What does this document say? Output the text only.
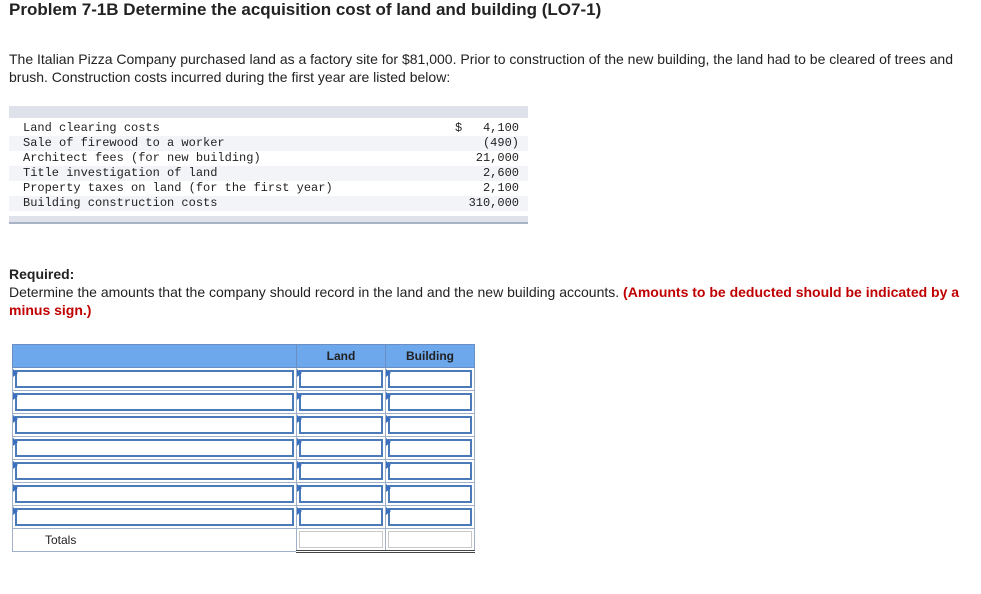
Problem 7-1B Determine the acquisition cost of land and building (LO7-1)

The Italian Pizza Company purchased land as a factory site for $81,000. Prior to construction of the new building, the land had to be cleared of trees and brush. Construction costs incurred during the first year are listed below:

Land clearing costs	$ 4,100
Sale of firewood to a worker	(490)
Architect fees (for new building)	21,000
Title investigation of land	2,600
Property taxes on land (for the first year)	2,100
Building construction costs	310,000
Required:

Determine the amounts that the company should record in the land and the new building accounts. (Amounts to be deducted should be indicated by a minus sign.)

	Land	Building

Totals	
